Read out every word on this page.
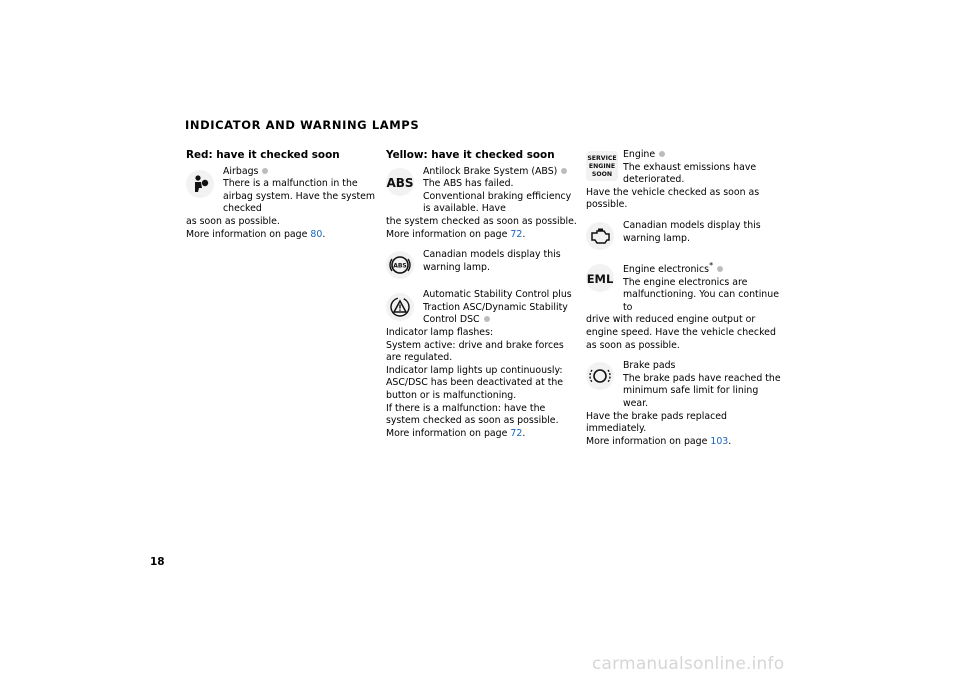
INDICATOR AND WARNING LAMPS
Red: have it checked soon
Airbags
There is a malfunction in the airbag system. Have the system checked
as soon as possible.
More information on page 80.
Yellow: have it checked soon
ABS
Antilock Brake System (ABS)
The ABS has failed. Conventional braking efficiency is available. Have
the system checked as soon as possible.
More information on page 72.
ABS
Canadian models display this warning lamp.
Automatic Stability Control plus Traction ASC/Dynamic Stability Control DSC
Indicator lamp flashes:
System active: drive and brake forces are regulated.
Indicator lamp lights up continuously:
ASC/DSC has been deactivated at the button or is malfunctioning.
If there is a malfunction: have the system checked as soon as possible.
More information on page 72.
SERVICE
ENGINE
SOON
Engine
The exhaust emissions have deteriorated.
Have the vehicle checked as soon as possible.
Canadian models display this warning lamp.
EML
Engine electronics*
The engine electronics are malfunctioning. You can continue to
drive with reduced engine output or engine speed. Have the vehicle checked as soon as possible.
Brake pads
The brake pads have reached the minimum safe limit for lining wear.
Have the brake pads replaced immediately.
More information on page 103.
18
carmanualsonline.info
